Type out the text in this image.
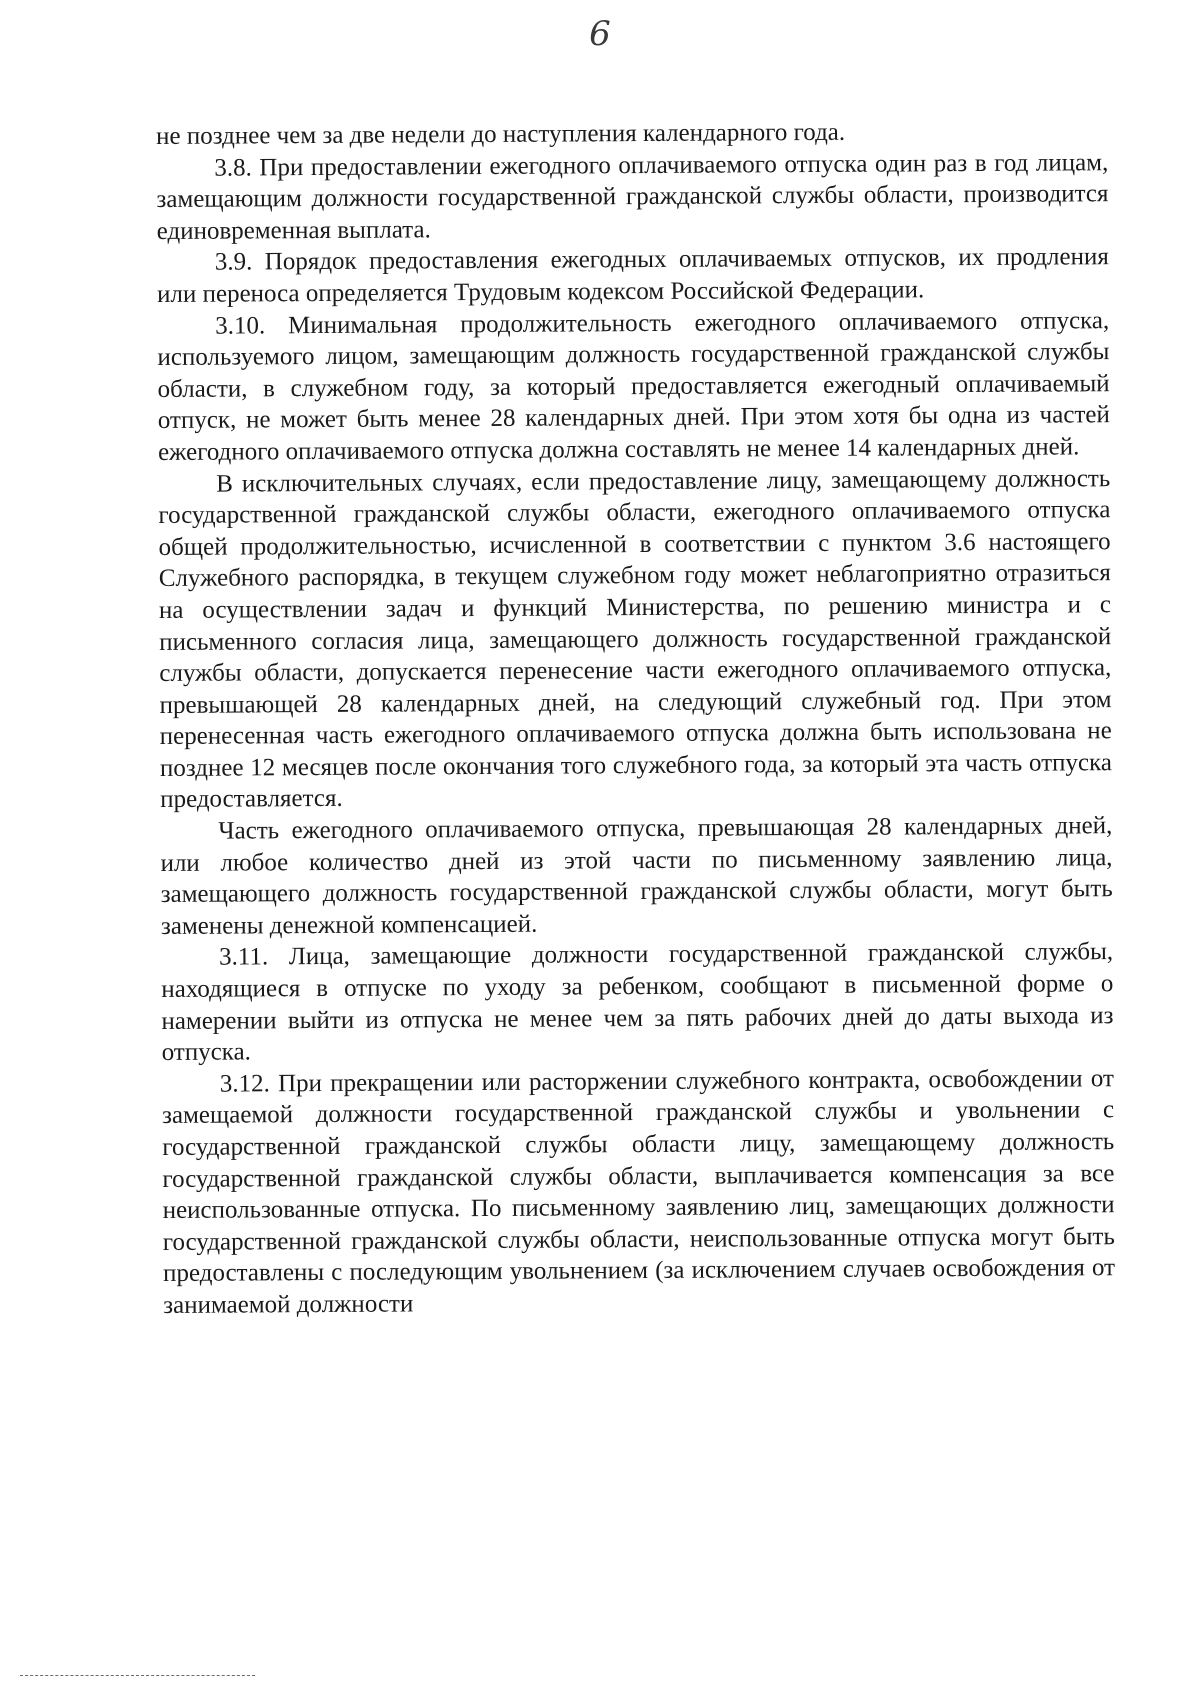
6

не позднее чем за две недели до наступления календарного года.

3.8. При предоставлении ежегодного оплачиваемого отпуска один раз в год лицам, замещающим должности государственной гражданской службы области, производится единовременная выплата.

3.9. Порядок предоставления ежегодных оплачиваемых отпусков, их продления или переноса определяется Трудовым кодексом Российской Федерации.

3.10. Минимальная продолжительность ежегодного оплачиваемого отпуска, используемого лицом, замещающим должность государственной гражданской службы области, в служебном году, за который предоставляется ежегодный оплачиваемый отпуск, не может быть менее 28 календарных дней. При этом хотя бы одна из частей ежегодного оплачиваемого отпуска должна составлять не менее 14 календарных дней.

В исключительных случаях, если предоставление лицу, замещающему должность государственной гражданской службы области, ежегодного оплачиваемого отпуска общей продолжительностью, исчисленной в соответствии с пунктом 3.6 настоящего Служебного распорядка, в текущем служебном году может неблагоприятно отразиться на осуществлении задач и функций Министерства, по решению министра и с письменного согласия лица, замещающего должность государственной гражданской службы области, допускается перенесение части ежегодного оплачиваемого отпуска, превышающей 28 календарных дней, на следующий служебный год. При этом перенесенная часть ежегодного оплачиваемого отпуска должна быть использована не позднее 12 месяцев после окончания того служебного года, за который эта часть отпуска предоставляется.

Часть ежегодного оплачиваемого отпуска, превышающая 28 календарных дней, или любое количество дней из этой части по письменному заявлению лица, замещающего должность государственной гражданской службы области, могут быть заменены денежной компенсацией.

3.11. Лица, замещающие должности государственной гражданской службы, находящиеся в отпуске по уходу за ребенком, сообщают в письменной форме о намерении выйти из отпуска не менее чем за пять рабочих дней до даты выхода из отпуска.

3.12. При прекращении или расторжении служебного контракта, освобождении от замещаемой должности государственной гражданской службы и увольнении с государственной гражданской службы области лицу, замещающему должность государственной гражданской службы области, выплачивается компенсация за все неиспользованные отпуска. По письменному заявлению лиц, замещающих должности государственной гражданской службы области, неиспользованные отпуска могут быть предоставлены с последующим увольнением (за исключением случаев освобождения от занимаемой должности
